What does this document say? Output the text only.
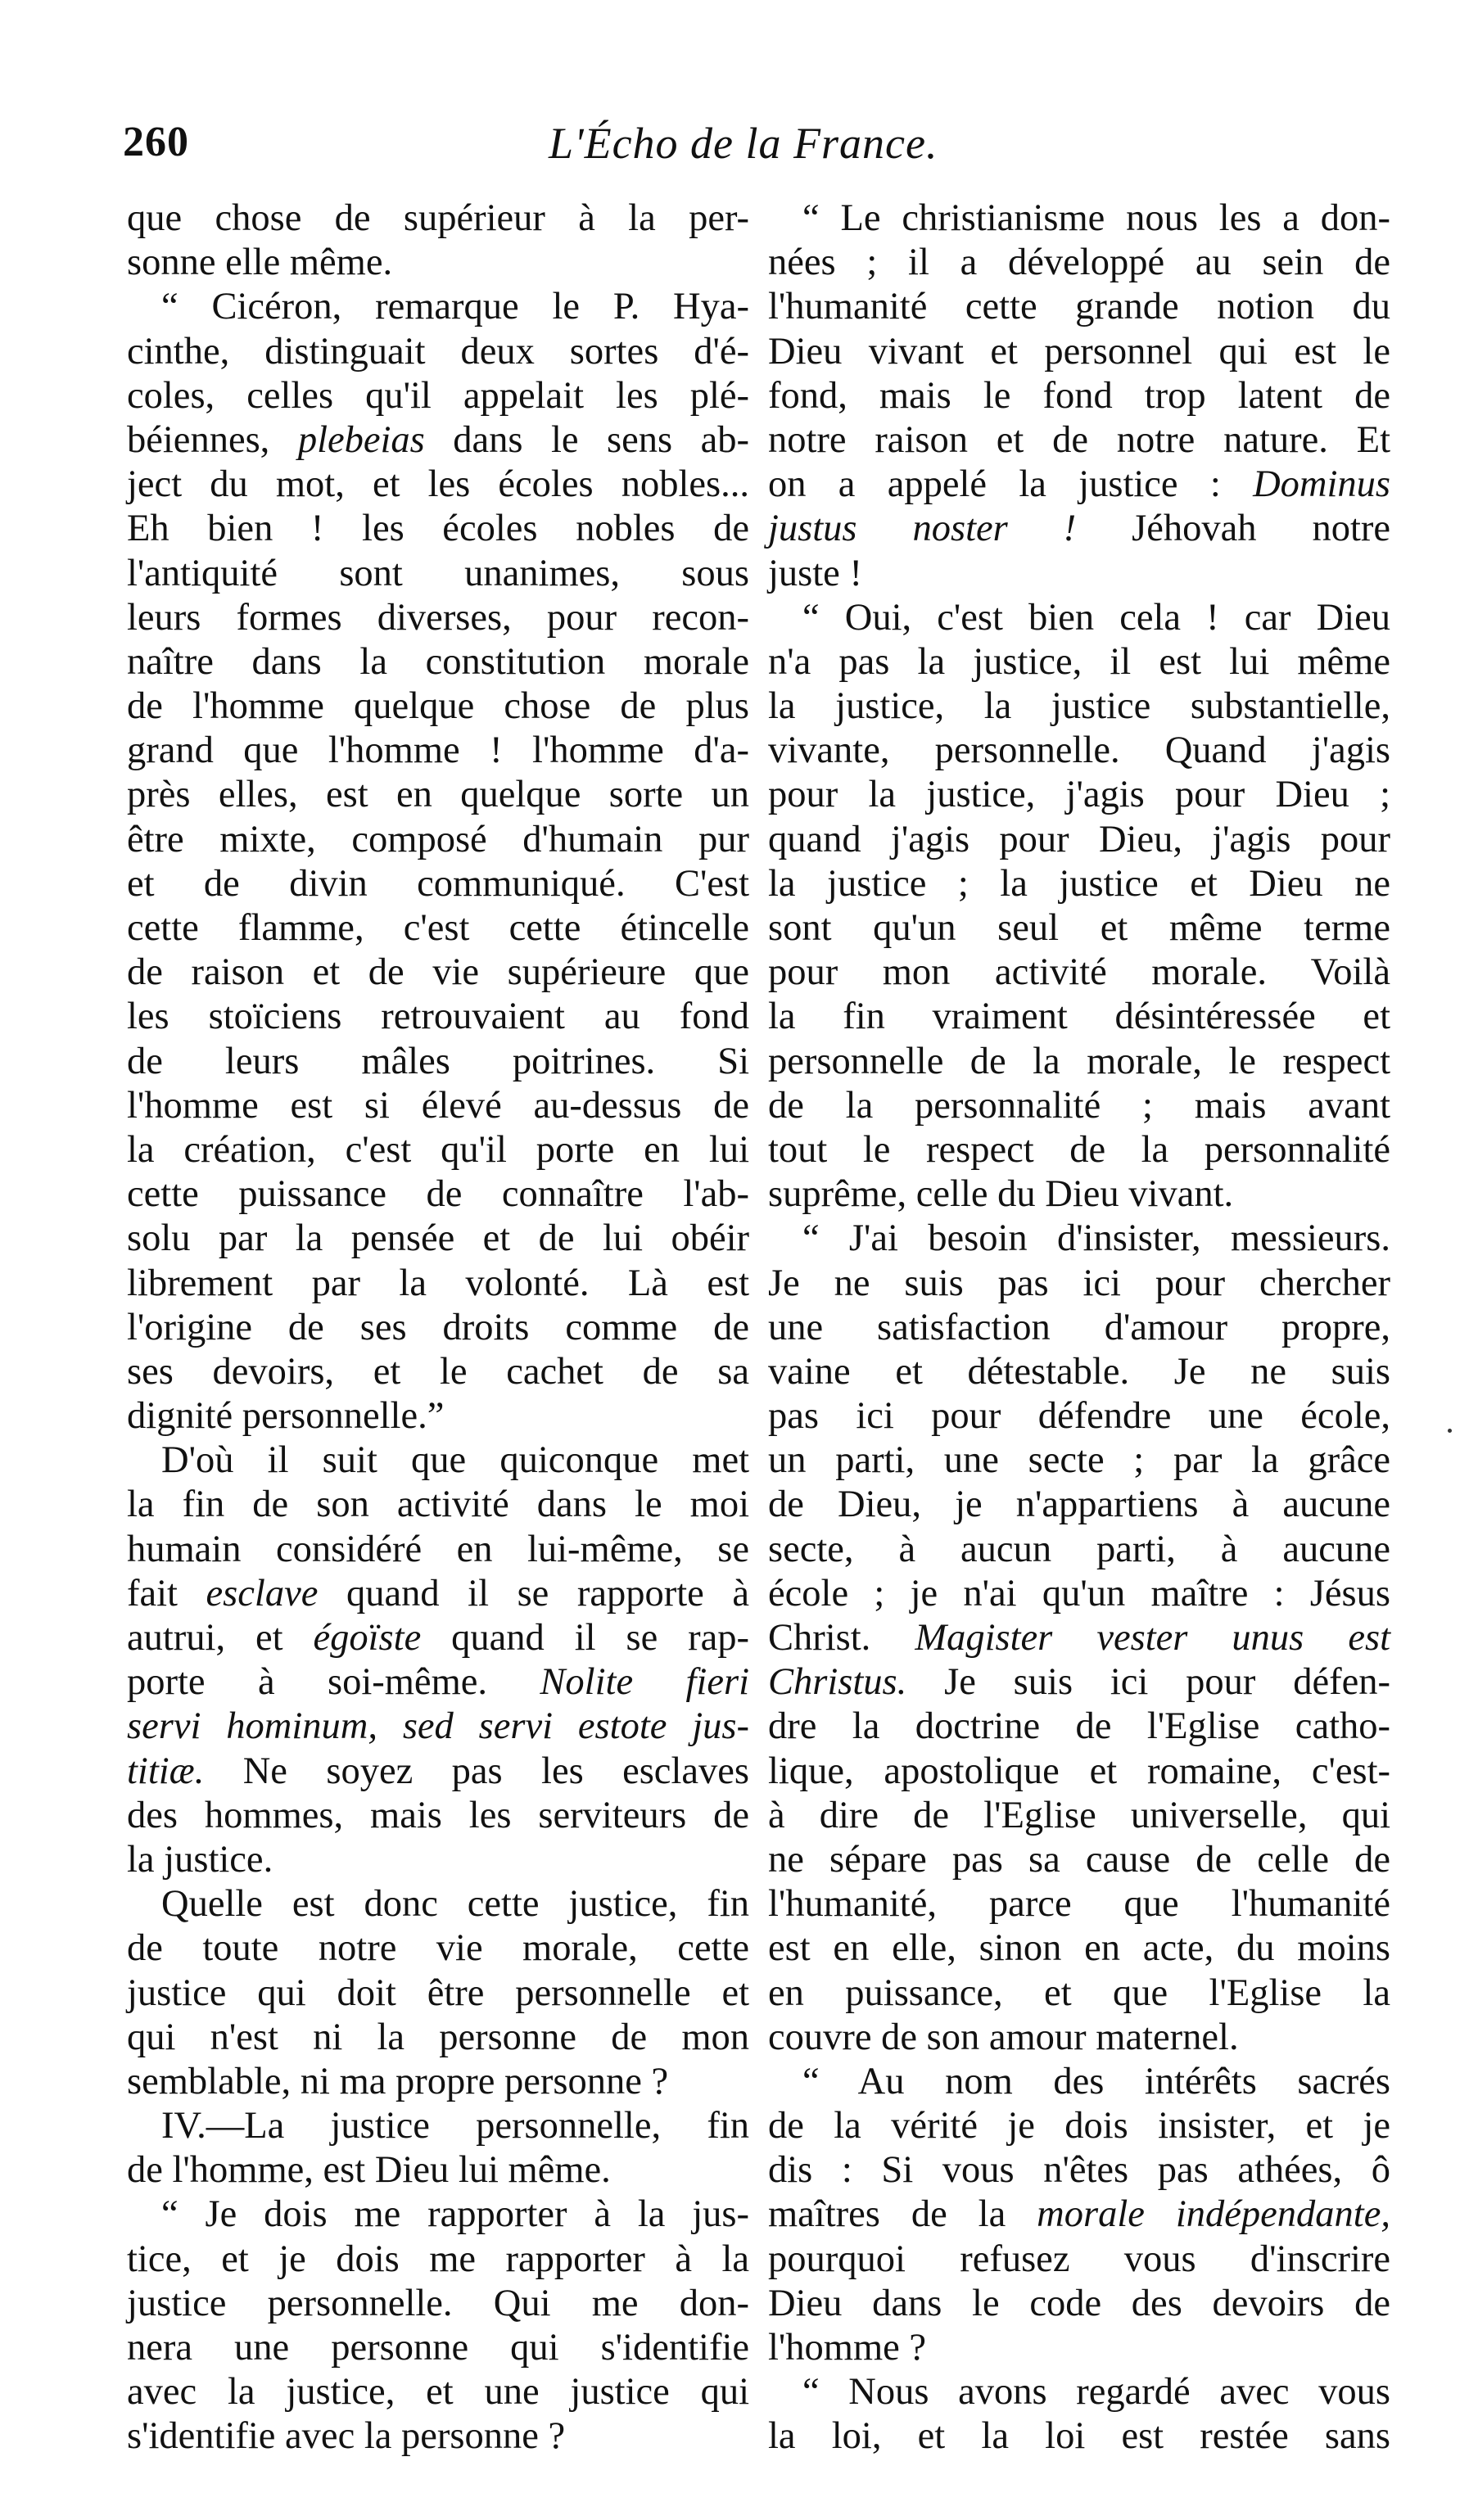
260	L'Écho de la France.
que chose de supérieur à la per-
sonne elle même.
“ Cicéron, remarque le P. Hya-
cinthe, distinguait deux sortes d'é-
coles, celles qu'il appelait les plé-
béiennes, plebeias dans le sens ab-
ject du mot, et les écoles nobles...
Eh bien ! les écoles nobles de
l'antiquité sont unanimes, sous
leurs formes diverses, pour recon-
naître dans la constitution morale
de l'homme quelque chose de plus
grand que l'homme ! l'homme d'a-
près elles, est en quelque sorte un
être mixte, composé d'humain pur
et de divin communiqué. C'est
cette flamme, c'est cette étincelle
de raison et de vie supérieure que
les stoïciens retrouvaient au fond
de leurs mâles poitrines. Si
l'homme est si élevé au-dessus de
la création, c'est qu'il porte en lui
cette puissance de connaître l'ab-
solu par la pensée et de lui obéir
librement par la volonté. Là est
l'origine de ses droits comme de
ses devoirs, et le cachet de sa
dignité personnelle.”
D'où il suit que quiconque met
la fin de son activité dans le moi
humain considéré en lui-même, se
fait esclave quand il se rapporte à
autrui, et égoïste quand il se rap-
porte à soi-même. Nolite fieri
servi hominum, sed servi estote jus-
titiæ. Ne soyez pas les esclaves
des hommes, mais les serviteurs de
la justice.
Quelle est donc cette justice, fin
de toute notre vie morale, cette
justice qui doit être personnelle et
qui n'est ni la personne de mon
semblable, ni ma propre personne ?
IV.—La justice personnelle, fin
de l'homme, est Dieu lui même.
“ Je dois me rapporter à la jus-
tice, et je dois me rapporter à la
justice personnelle. Qui me don-
nera une personne qui s'identifie
avec la justice, et une justice qui
s'identifie avec la personne ?
“ Le christianisme nous les a don-
nées ; il a développé au sein de
l'humanité cette grande notion du
Dieu vivant et personnel qui est le
fond, mais le fond trop latent de
notre raison et de notre nature. Et
on a appelé la justice : Dominus
justus noster ! Jéhovah notre
juste !
“ Oui, c'est bien cela ! car Dieu
n'a pas la justice, il est lui même
la justice, la justice substantielle,
vivante, personnelle. Quand j'agis
pour la justice, j'agis pour Dieu ;
quand j'agis pour Dieu, j'agis pour
la justice ; la justice et Dieu ne
sont qu'un seul et même terme
pour mon activité morale. Voilà
la fin vraiment désintéressée et
personnelle de la morale, le respect
de la personnalité ; mais avant
tout le respect de la personnalité
suprême, celle du Dieu vivant.
“ J'ai besoin d'insister, messieurs.
Je ne suis pas ici pour chercher
une satisfaction d'amour propre,
vaine et détestable. Je ne suis
pas ici pour défendre une école,
un parti, une secte ; par la grâce
de Dieu, je n'appartiens à aucune
secte, à aucun parti, à aucune
école ; je n'ai qu'un maître : Jésus
Christ. Magister vester unus est
Christus. Je suis ici pour défen-
dre la doctrine de l'Eglise catho-
lique, apostolique et romaine, c'est-
à dire de l'Eglise universelle, qui
ne sépare pas sa cause de celle de
l'humanité, parce que l'humanité
est en elle, sinon en acte, du moins
en puissance, et que l'Eglise la
couvre de son amour maternel.
“ Au nom des intérêts sacrés
de la vérité je dois insister, et je
dis : Si vous n'êtes pas athées, ô
maîtres de la morale indépendante,
pourquoi refusez vous d'inscrire
Dieu dans le code des devoirs de
l'homme ?
“ Nous avons regardé avec vous
la loi, et la loi est restée sans
